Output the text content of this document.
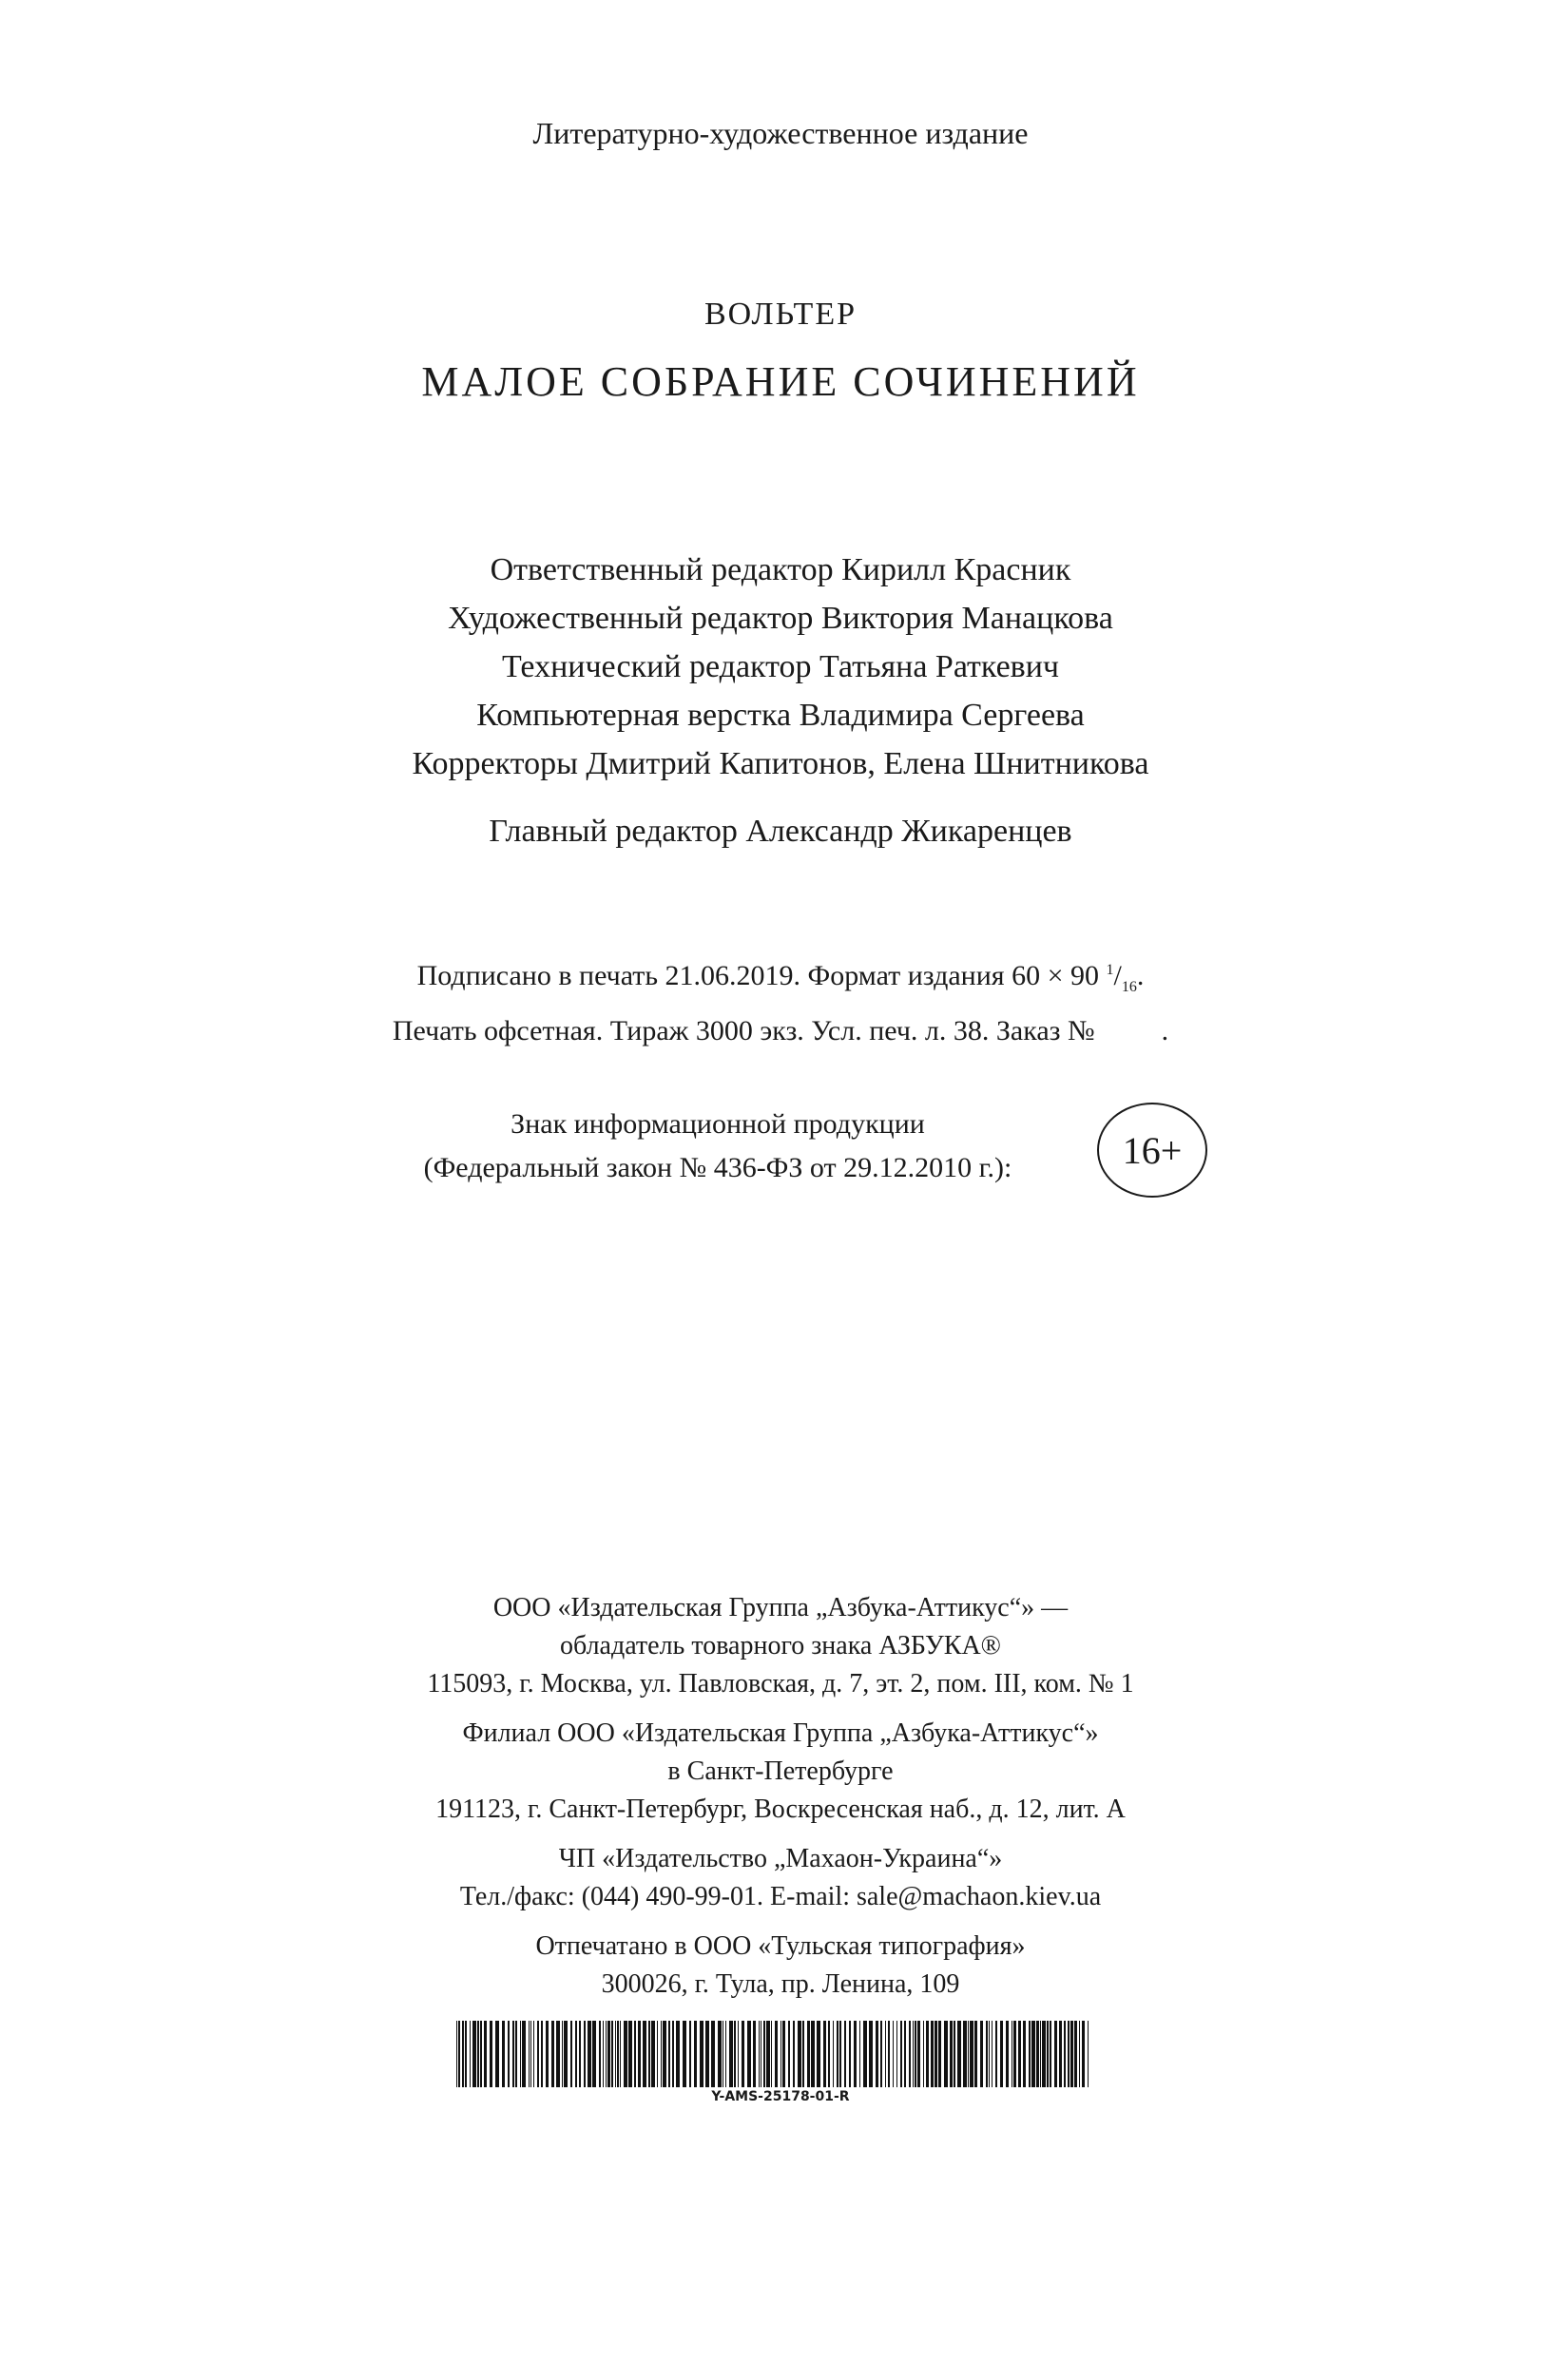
Литературно-художественное издание
ВОЛЬТЕР
МАЛОЕ СОБРАНИЕ СОЧИНЕНИЙ
Ответственный редактор Кирилл Красник
Художественный редактор Виктория Манацкова
Технический редактор Татьяна Раткевич
Компьютерная верстка Владимира Сергеева
Корректоры Дмитрий Капитонов, Елена Шнитникова
Главный редактор Александр Жикаренцев
Подписано в печать 21.06.2019. Формат издания 60 × 90 $^1/_{16}$.
Печать офсетная. Тираж 3000 экз. Усл. печ. л. 38. Заказ № .
Знак информационной продукции
(Федеральный закон № 436-ФЗ от 29.12.2010 г.):	16+
ООО «Издательская Группа „Азбука-Аттикус“» —
обладатель товарного знака АЗБУКА®
115093, г. Москва, ул. Павловская, д. 7, эт. 2, пом. III, ком. № 1
Филиал ООО «Издательская Группа „Азбука-Аттикус“»
в Санкт-Петербурге
191123, г. Санкт-Петербург, Воскресенская наб., д. 12, лит. А
ЧП «Издательство „Махаон-Украина“»
Тел./факс: (044) 490-99-01. E-mail: sale@machaon.kiev.ua
Отпечатано в ООО «Тульская типография»
300026, г. Тула, пр. Ленина, 109
Y-AMS-25178-01-R
